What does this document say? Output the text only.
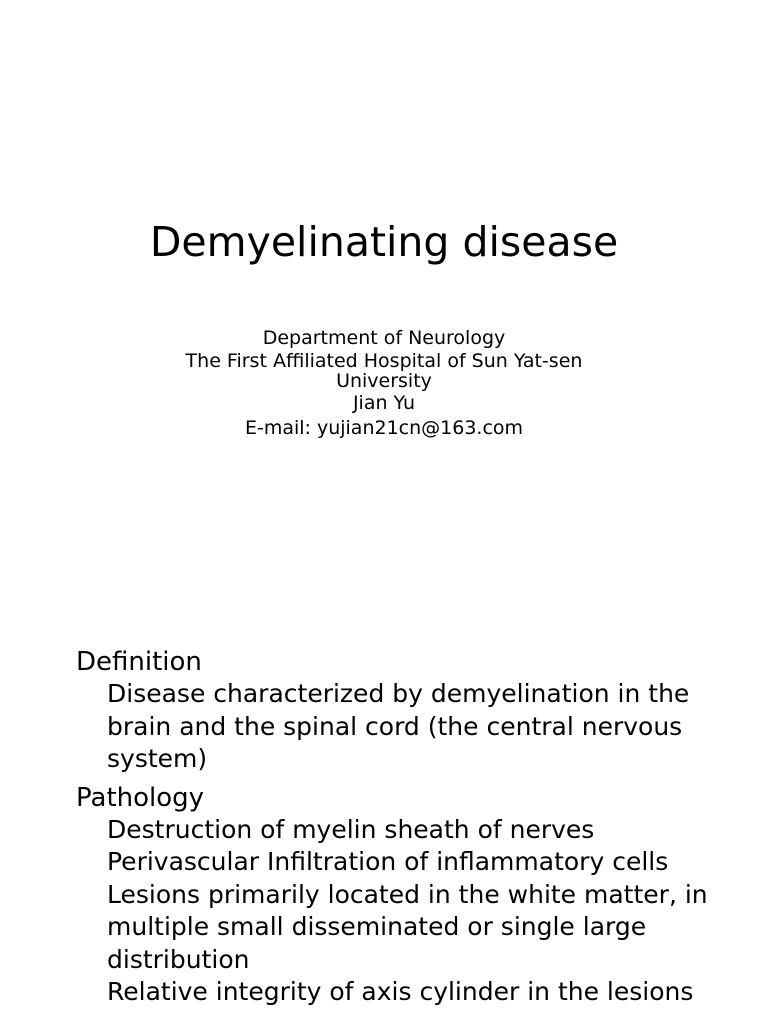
Demyelinating disease
Department of Neurology
The First Affiliated Hospital of Sun Yat-sen
University
Jian Yu
E-mail: yujian21cn@163.com
Definition
Disease characterized by demyelination in the brain and the spinal cord (the central nervous system)
Pathology
Destruction of myelin sheath of nerves
Perivascular Infiltration of inflammatory cells
Lesions primarily located in the white matter, in multiple small disseminated or single large distribution
Relative integrity of axis cylinder in the lesions
